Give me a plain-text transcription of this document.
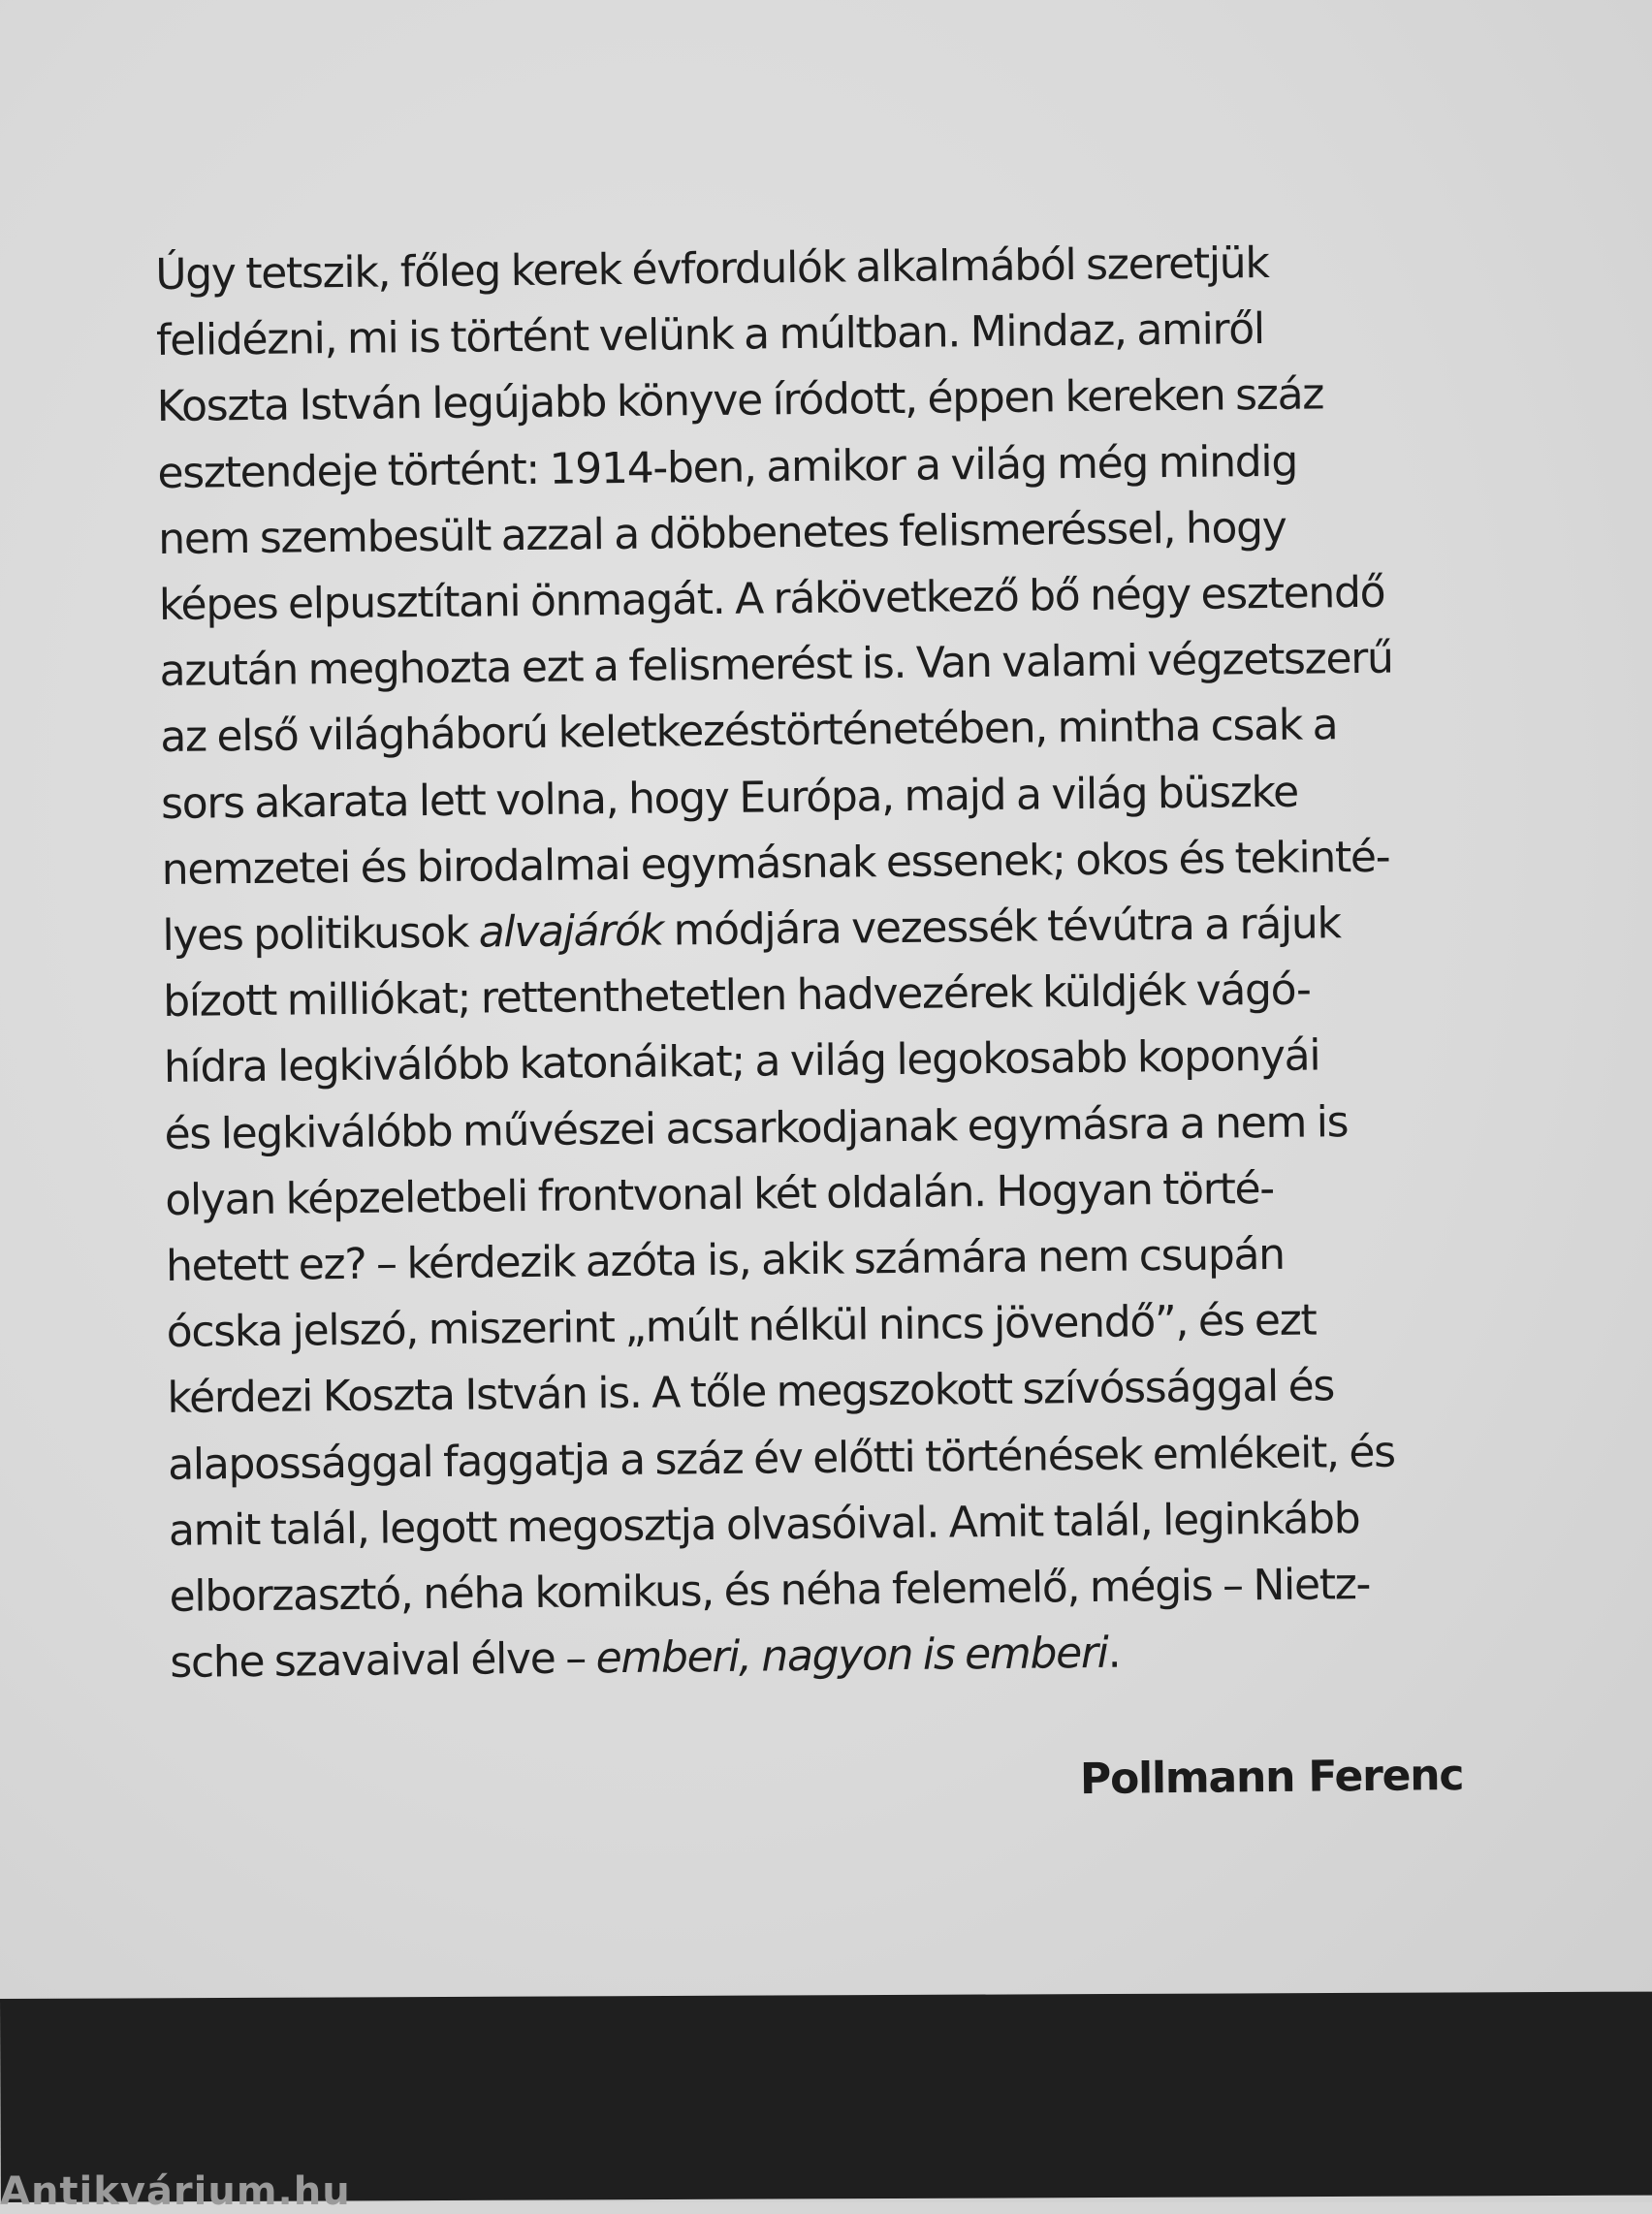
Úgy tetszik, főleg kerek évfordulók alkalmából szeretjük
felidézni, mi is történt velünk a múltban. Mindaz, amiről
Koszta István legújabb könyve íródott, éppen kereken száz
esztendeje történt: 1914-ben, amikor a világ még mindig
nem szembesült azzal a döbbenetes felismeréssel, hogy
képes elpusztítani önmagát. A rákövetkező bő négy esztendő
azután meghozta ezt a felismerést is. Van valami végzetszerű
az első világháború keletkezéstörténetében, mintha csak a
sors akarata lett volna, hogy Európa, majd a világ büszke
nemzetei és birodalmai egymásnak essenek; okos és tekinté-
lyes politikusok alvajárók módjára vezessék tévútra a rájuk
bízott milliókat; rettenthetetlen hadvezérek küldjék vágó-
hídra legkiválóbb katonáikat; a világ legokosabb koponyái
és legkiválóbb művészei acsarkodjanak egymásra a nem is
olyan képzeletbeli frontvonal két oldalán. Hogyan törté-
hetett ez? – kérdezik azóta is, akik számára nem csupán
ócska jelszó, miszerint „múlt nélkül nincs jövendő”, és ezt
kérdezi Koszta István is. A tőle megszokott szívóssággal és
alapossággal faggatja a száz év előtti történések emlékeit, és
amit talál, legott megosztja olvasóival. Amit talál, leginkább
elborzasztó, néha komikus, és néha felemelő, mégis – Nietz-
sche szavaival élve – emberi, nagyon is emberi.

Pollmann Ferenc

Antikvárium.hu
